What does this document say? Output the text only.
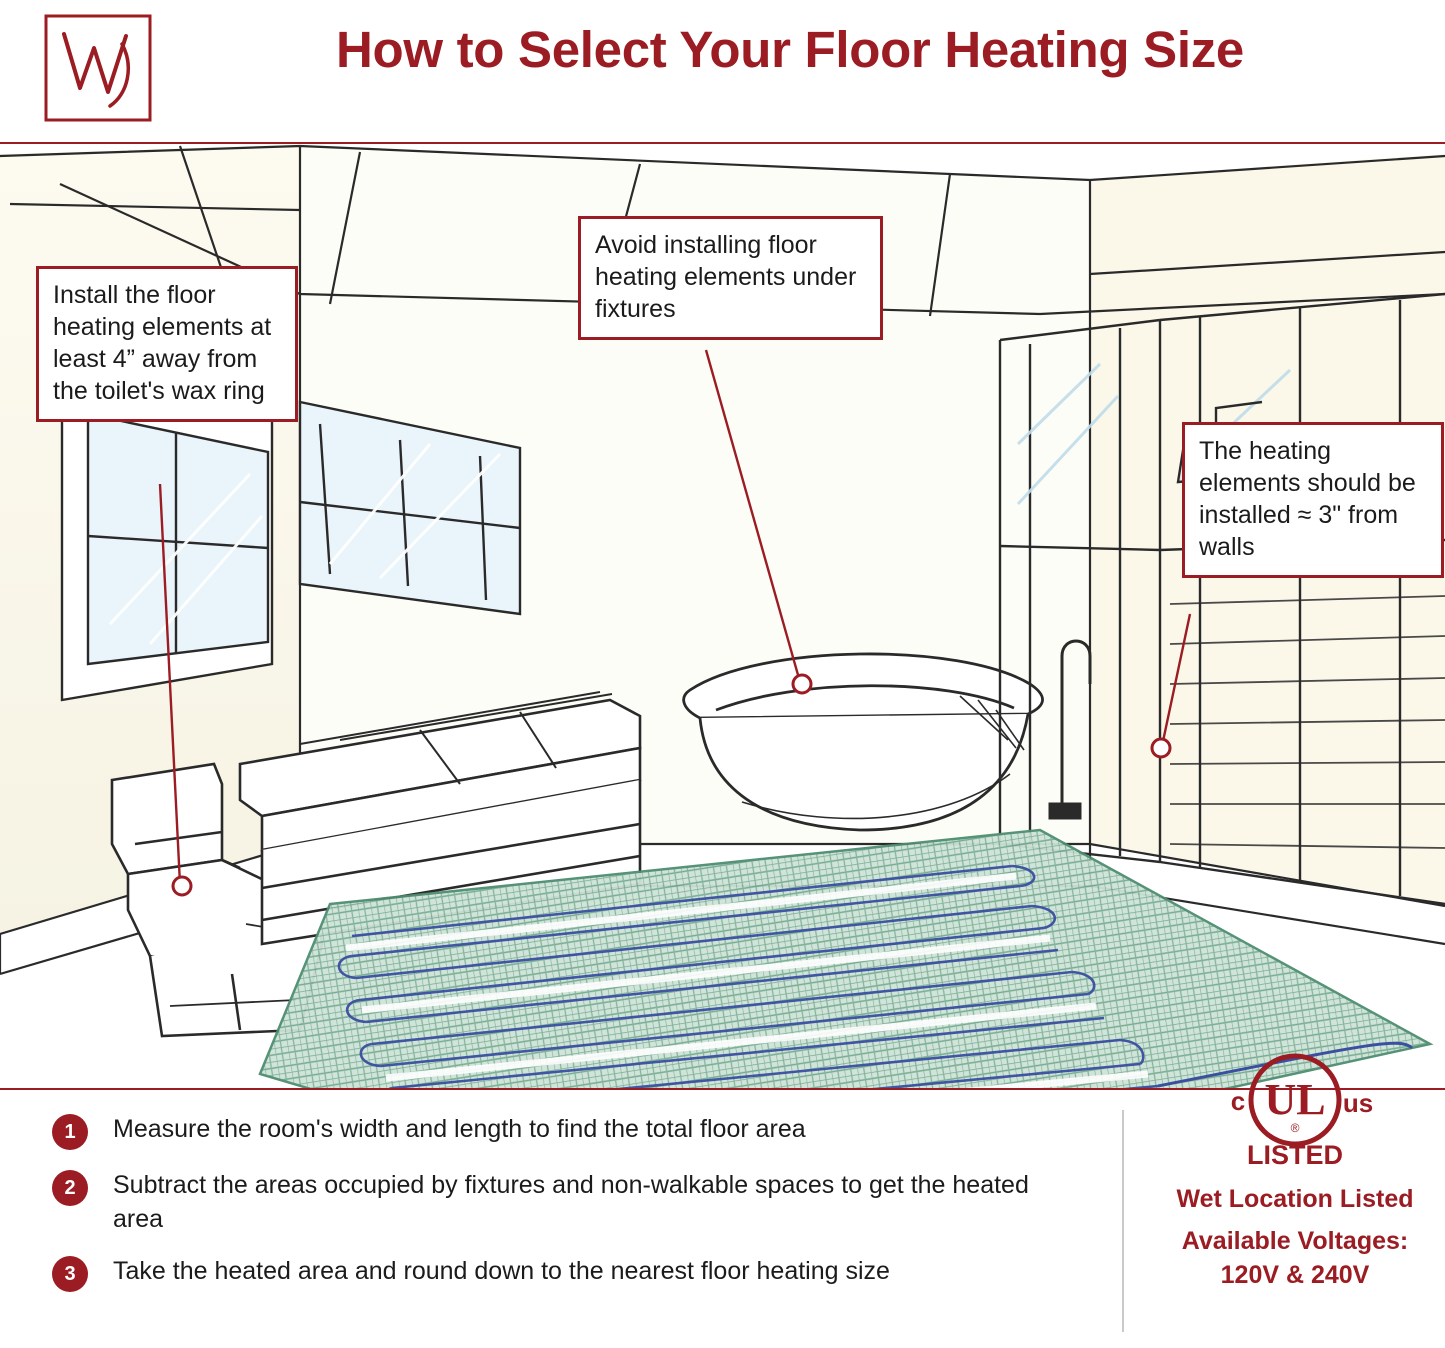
How to Select Your Floor Heating Size
Install the floor heating elements at least 4” away from the toilet's wax ring
Avoid installing floor heating elements under fixtures
The heating elements should be installed ≈ 3" from walls
1	Measure the room's width and length to find the total floor area
2	Subtract the areas occupied by fixtures and non-walkable spaces to get the heated area
3	Take the heated area and round down to the nearest floor heating size
UL
®
c	us
LISTED
Wet Location Listed
Available Voltages:
120V & 240V
